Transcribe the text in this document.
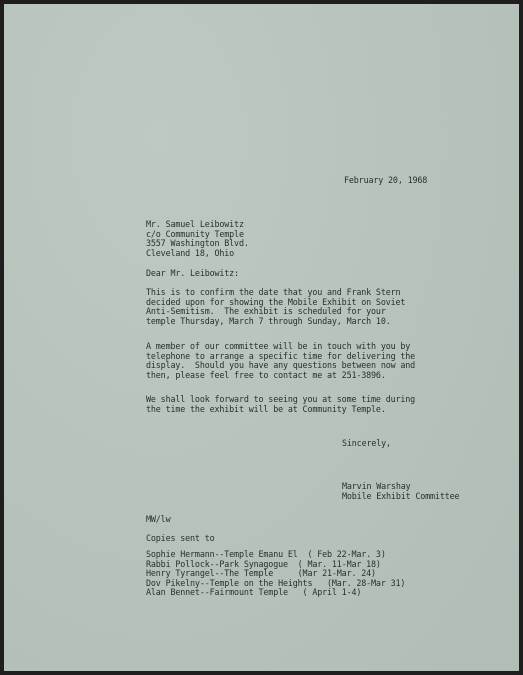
February 20, 1968
Mr. Samuel Leibowitz
c/o Community Temple
3557 Washington Blvd.
Cleveland 18, Ohio
Dear Mr. Leibowitz:
This is to confirm the date that you and Frank Stern
decided upon for showing the Mobile Exhibit on Soviet
Anti-Semitism.  The exhibit is scheduled for your
temple Thursday, March 7 through Sunday, March 10.
A member of our committee will be in touch with you by
telephone to arrange a specific time for delivering the
display.  Should you have any questions between now and
then, please feel free to contact me at 251-3896.
We shall look forward to seeing you at some time during
the time the exhibit will be at Community Temple.
Sincerely,
Marvin Warshay
Mobile Exhibit Committee
MW/lw
Copies sent to
Sophie Hermann--Temple Emanu El  ( Feb 22-Mar. 3)
Rabbi Pollock--Park Synagogue  ( Mar. 11-Mar 18)
Henry Tyrangel--The Temple     (Mar 21-Mar. 24)
Dov Pikelny--Temple on the Heights   (Mar. 28-Mar 31)
Alan Bennet--Fairmount Temple   ( April 1-4)
